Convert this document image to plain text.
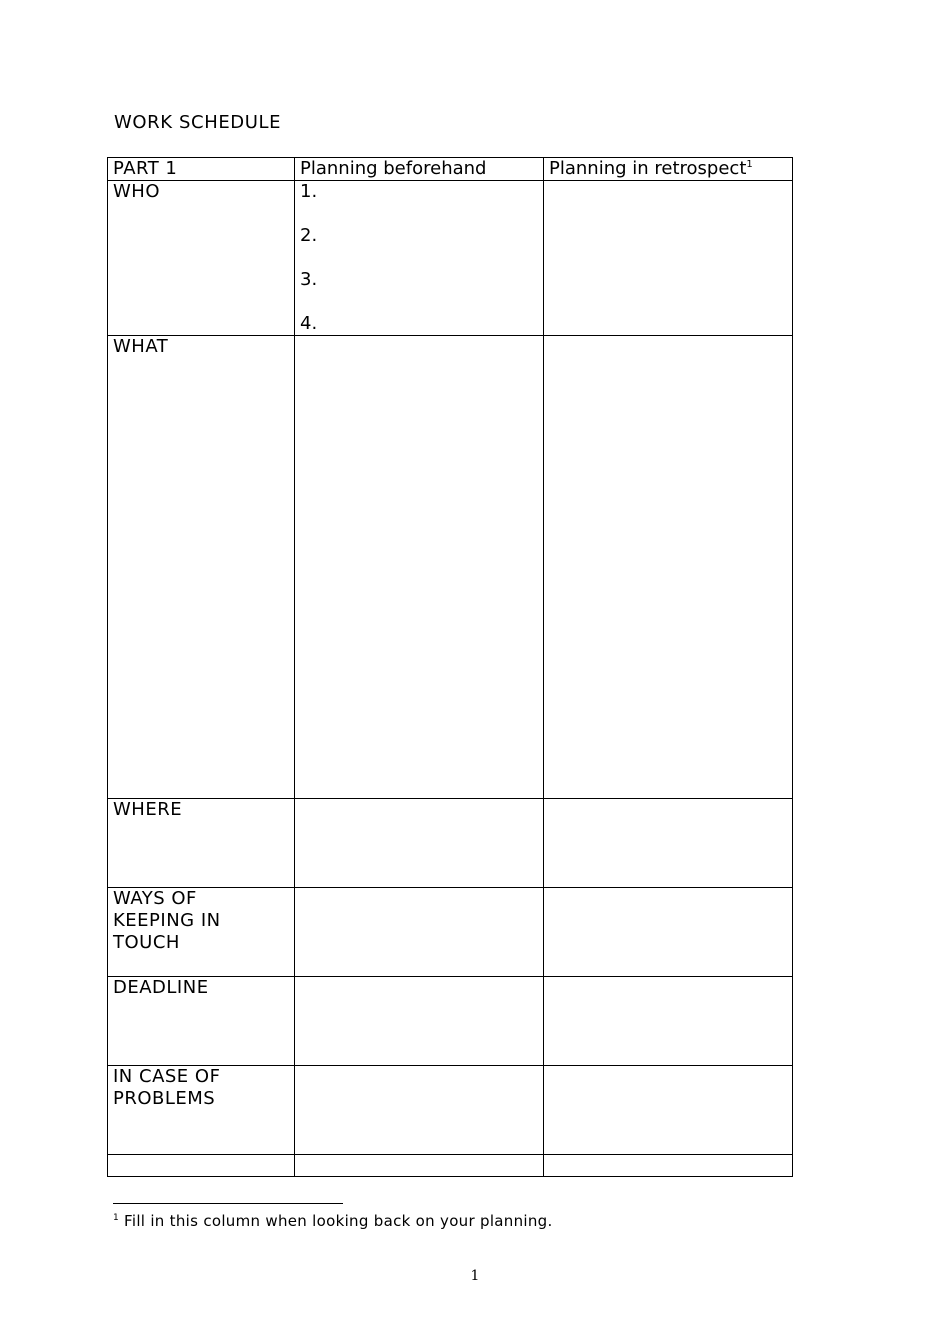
WORK SCHEDULE
PART 1	Planning beforehand	Planning in retrospect$^1$
WHO	1.
2.
3.
4.	

WHAT		
WHERE		

WAYS OF
KEEPING IN
TOUCH		

DEADLINE		

IN CASE OF
PROBLEMS		

$^1$ Fill in this column when looking back on your planning.
1
